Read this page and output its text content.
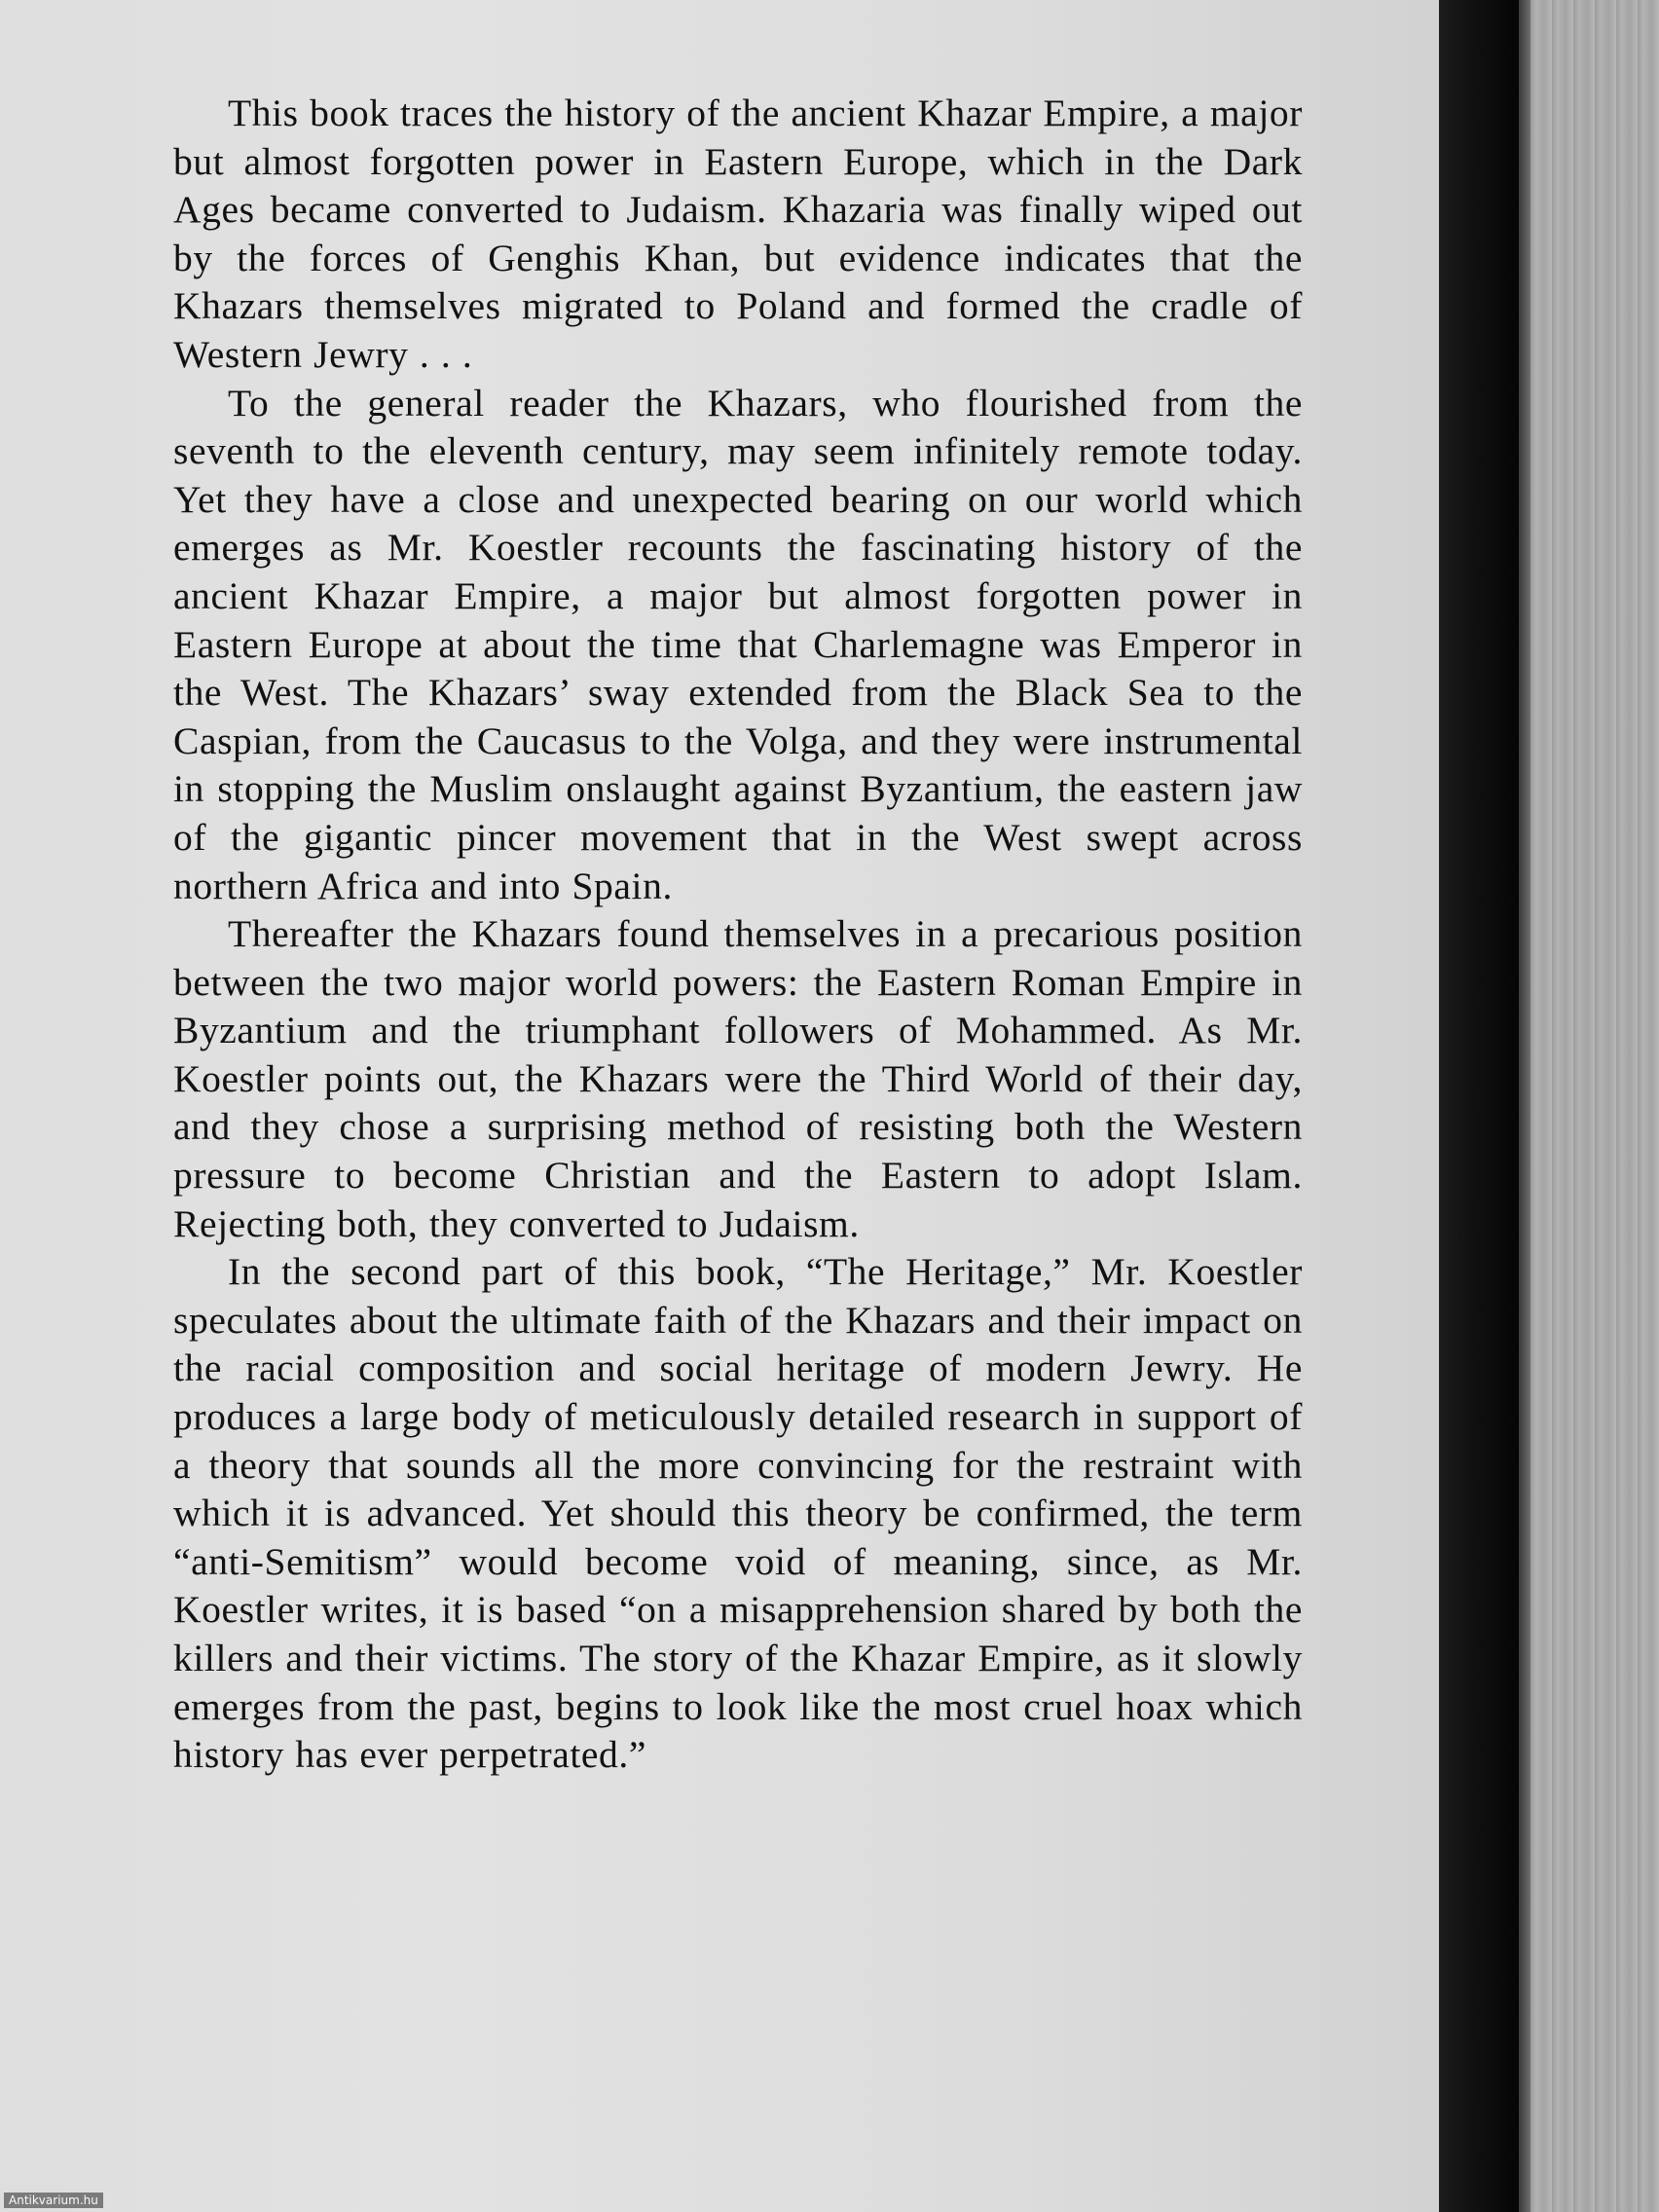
This book traces the history of the ancient Khazar Empire, a major but almost forgotten power in Eastern Europe, which in the Dark Ages became converted to Judaism. Khazaria was finally wiped out by the forces of Genghis Khan, but evidence indicates that the Khazars themselves migrated to Poland and formed the cradle of Western Jewry . . .

To the general reader the Khazars, who flourished from the seventh to the eleventh century, may seem infinitely remote today. Yet they have a close and unexpected bearing on our world which emerges as Mr. Koestler recounts the fascinating history of the ancient Khazar Empire, a major but almost forgotten power in Eastern Europe at about the time that Charlemagne was Emperor in the West. The Khazars’ sway extended from the Black Sea to the Caspian, from the Caucasus to the Volga, and they were instrumental in stopping the Muslim onslaught against Byzantium, the eastern jaw of the gigantic pincer movement that in the West swept across northern Africa and into Spain.

Thereafter the Khazars found themselves in a precarious position between the two major world powers: the Eastern Roman Empire in Byzantium and the triumphant followers of Mohammed. As Mr. Koestler points out, the Khazars were the Third World of their day, and they chose a surprising method of resisting both the Western pressure to become Christian and the Eastern to adopt Islam. Rejecting both, they converted to Judaism.

In the second part of this book, “The Heritage,” Mr. Koestler speculates about the ultimate faith of the Khazars and their impact on the racial composition and social heritage of modern Jewry. He produces a large body of meticulously detailed research in support of a theory that sounds all the more convincing for the restraint with which it is advanced. Yet should this theory be confirmed, the term “anti-Semitism” would become void of meaning, since, as Mr. Koestler writes, it is based “on a misapprehension shared by both the killers and their victims. The story of the Khazar Empire, as it slowly emerges from the past, begins to look like the most cruel hoax which history has ever perpetrated.”

Antikvarium.hu
